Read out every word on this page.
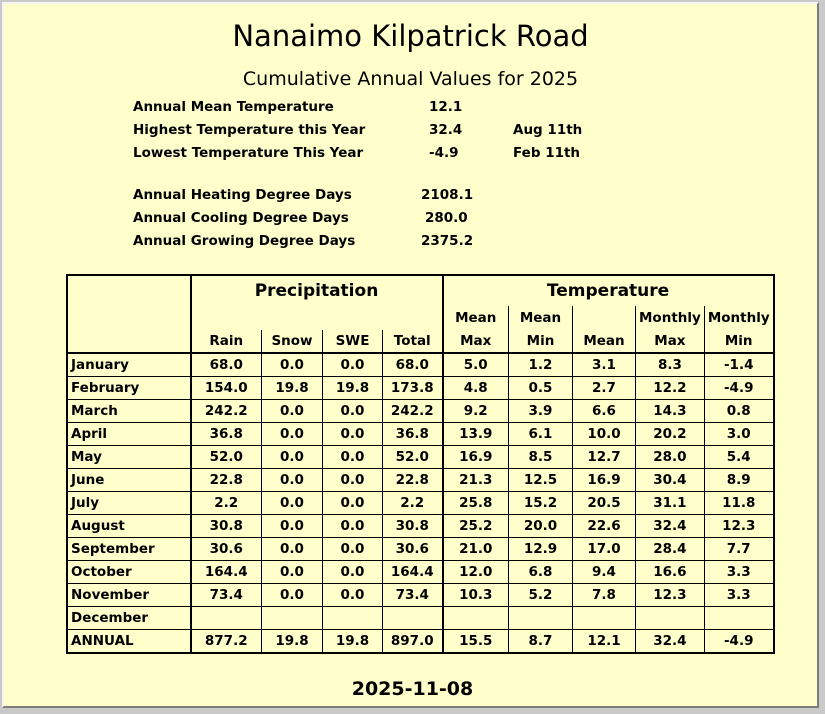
Nanaimo Kilpatrick Road
Cumulative Annual Values for 2025
Annual Mean Temperature	12.1
Highest Temperature this Year	32.4	Aug 11th
Lowest Temperature This Year	-4.9	Feb 11th
Annual Heating Degree Days	2108.1
Annual Cooling Degree Days	280.0
Annual Growing Degree Days	2375.2
	Precipitation				Temperature				
					Mean	Mean		Monthly	Monthly
	Rain	Snow	SWE	Total	Max	Min	Mean	Max	Min
January	68.0	0.0	0.0	68.0	5.0	1.2	3.1	8.3	-1.4
February	154.0	19.8	19.8	173.8	4.8	0.5	2.7	12.2	-4.9
March	242.2	0.0	0.0	242.2	9.2	3.9	6.6	14.3	0.8
April	36.8	0.0	0.0	36.8	13.9	6.1	10.0	20.2	3.0
May	52.0	0.0	0.0	52.0	16.9	8.5	12.7	28.0	5.4
June	22.8	0.0	0.0	22.8	21.3	12.5	16.9	30.4	8.9
July	2.2	0.0	0.0	2.2	25.8	15.2	20.5	31.1	11.8
August	30.8	0.0	0.0	30.8	25.2	20.0	22.6	32.4	12.3
September	30.6	0.0	0.0	30.6	21.0	12.9	17.0	28.4	7.7
October	164.4	0.0	0.0	164.4	12.0	6.8	9.4	16.6	3.3
November	73.4	0.0	0.0	73.4	10.3	5.2	7.8	12.3	3.3
December									
ANNUAL	877.2	19.8	19.8	897.0	15.5	8.7	12.1	32.4	-4.9
2025-11-08
